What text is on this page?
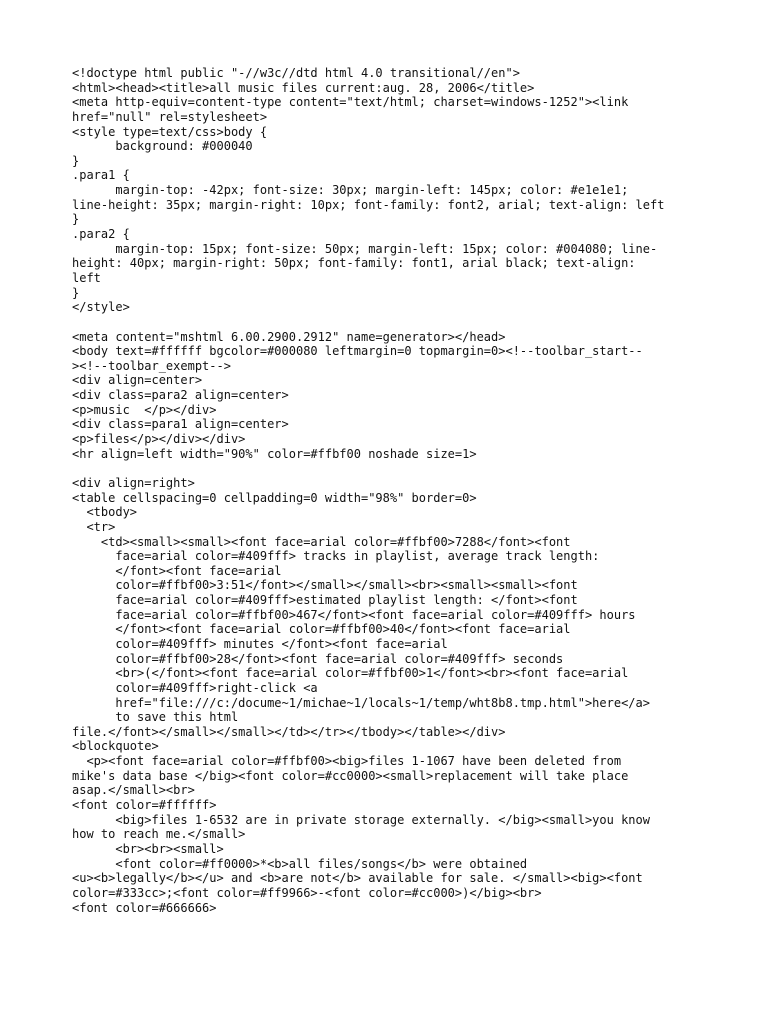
<!doctype html public "-//w3c//dtd html 4.0 transitional//en">
<html><head><title>all music files current:aug. 28, 2006</title>
<meta http-equiv=content-type content="text/html; charset=windows-1252"><link
href="null" rel=stylesheet>
<style type=text/css>body {
background: #000040
}
.para1 {
margin-top: -42px; font-size: 30px; margin-left: 145px; color: #e1e1e1;
line-height: 35px; margin-right: 10px; font-family: font2, arial; text-align: left
}
.para2 {
margin-top: 15px; font-size: 50px; margin-left: 15px; color: #004080; line-
height: 40px; margin-right: 50px; font-family: font1, arial black; text-align:
left
}
</style>
<meta content="mshtml 6.00.2900.2912" name=generator></head>
<body text=#ffffff bgcolor=#000080 leftmargin=0 topmargin=0><!--toolbar_start--
><!--toolbar_exempt-->
<div align=center>
<div class=para2 align=center>
<p>music  </p></div>
<div class=para1 align=center>
<p>files</p></div></div>
<hr align=left width="90%" color=#ffbf00 noshade size=1>
<div align=right>
<table cellspacing=0 cellpadding=0 width="98%" border=0>
<tbody>
<tr>
<td><small><small><font face=arial color=#ffbf00>7288</font><font
face=arial color=#409fff> tracks in playlist, average track length:
</font><font face=arial
color=#ffbf00>3:51</font></small></small><br><small><small><font
face=arial color=#409fff>estimated playlist length: </font><font
face=arial color=#ffbf00>467</font><font face=arial color=#409fff> hours
</font><font face=arial color=#ffbf00>40</font><font face=arial
color=#409fff> minutes </font><font face=arial
color=#ffbf00>28</font><font face=arial color=#409fff> seconds
<br>(</font><font face=arial color=#ffbf00>1</font><br><font face=arial
color=#409fff>right-click <a
href="file:///c:/docume~1/michae~1/locals~1/temp/wht8b8.tmp.html">here</a>
to save this html
file.</font></small></small></td></tr></tbody></table></div>
<blockquote>
<p><font face=arial color=#ffbf00><big>files 1-1067 have been deleted from
mike's data base </big><font color=#cc0000><small>replacement will take place
asap.</small><br>
<font color=#ffffff>
<big>files 1-6532 are in private storage externally. </big><small>you know
how to reach me.</small>
<br><br><small>
<font color=#ff0000>*<b>all files/songs</b> were obtained
<u><b>legally</b></u> and <b>are not</b> available for sale. </small><big><font
color=#333cc>;<font color=#ff9966>-<font color=#cc000>)</big><br>
<font color=#666666>
